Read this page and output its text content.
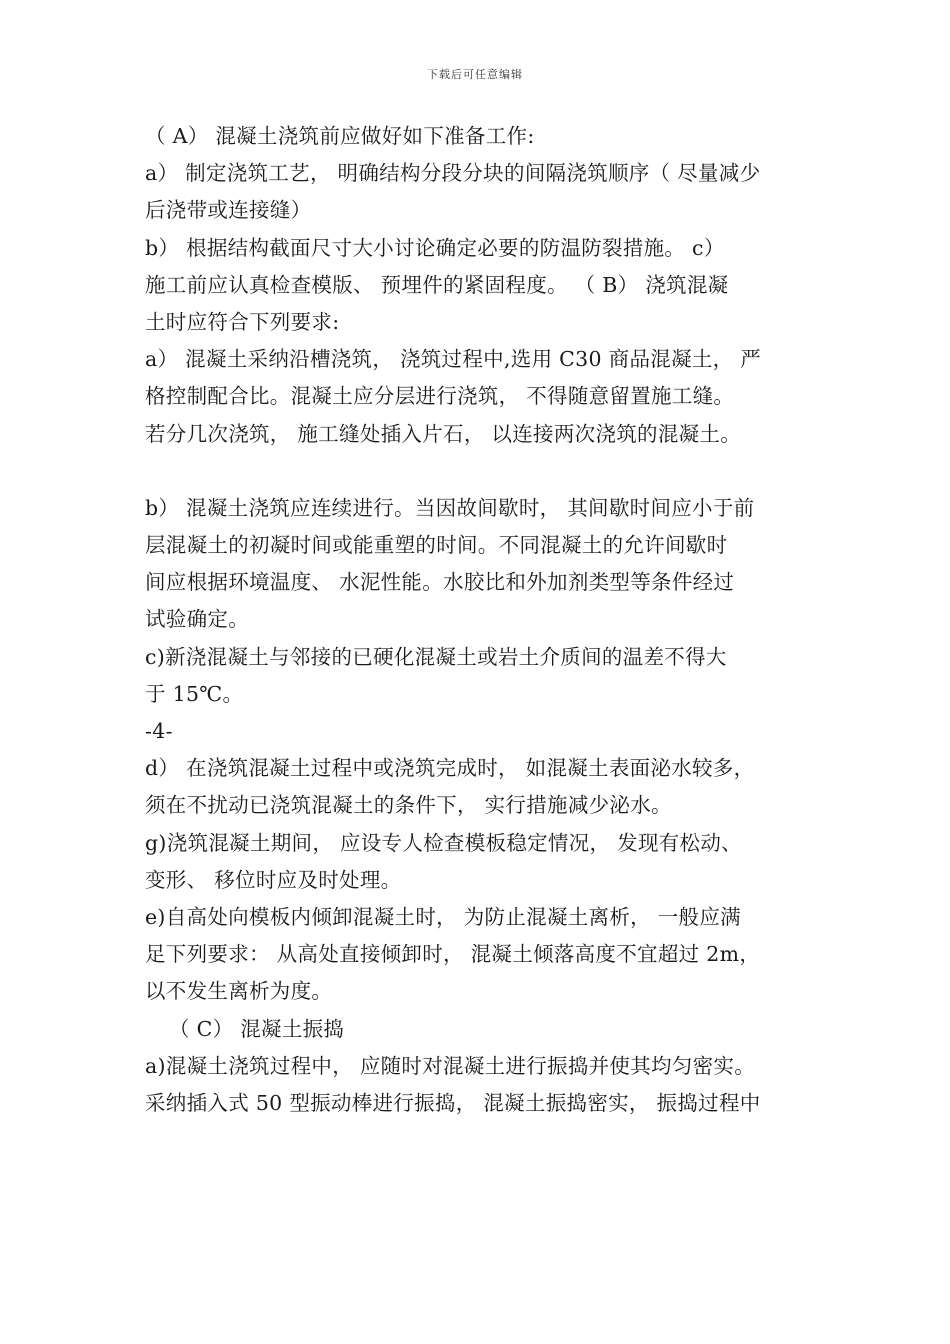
下载后可任意编辑
（ A） 混凝土浇筑前应做好如下准备工作:
a） 制定浇筑工艺， 明确结构分段分块的间隔浇筑顺序（ 尽量减少
后浇带或连接缝）
b） 根据结构截面尺寸大小讨论确定必要的防温防裂措施。 c）
施工前应认真检查模版、 预埋件的紧固程度。 （ B） 浇筑混凝
土时应符合下列要求:
a） 混凝土采纳沿槽浇筑， 浇筑过程中,选用 C30 商品混凝土， 严
格控制配合比。混凝土应分层进行浇筑， 不得随意留置施工缝。
若分几次浇筑， 施工缝处插入片石， 以连接两次浇筑的混凝土。
b） 混凝土浇筑应连续进行。当因故间歇时， 其间歇时间应小于前
层混凝土的初凝时间或能重塑的时间。不同混凝土的允许间歇时
间应根据环境温度、 水泥性能。水胶比和外加剂类型等条件经过
试验确定。
c)新浇混凝土与邻接的已硬化混凝土或岩土介质间的温差不得大
于 15℃。
-4-
d） 在浇筑混凝土过程中或浇筑完成时， 如混凝土表面泌水较多，
须在不扰动已浇筑混凝土的条件下， 实行措施减少泌水。
g)浇筑混凝土期间， 应设专人检查模板稳定情况， 发现有松动、
变形、 移位时应及时处理。
e)自高处向模板内倾卸混凝土时， 为防止混凝土离析， 一般应满
足下列要求： 从高处直接倾卸时， 混凝土倾落高度不宜超过 2m，
以不发生离析为度。
（ C） 混凝土振捣
a)混凝土浇筑过程中， 应随时对混凝土进行振捣并使其均匀密实。
采纳插入式 50 型振动棒进行振捣， 混凝土振捣密实， 振捣过程中
